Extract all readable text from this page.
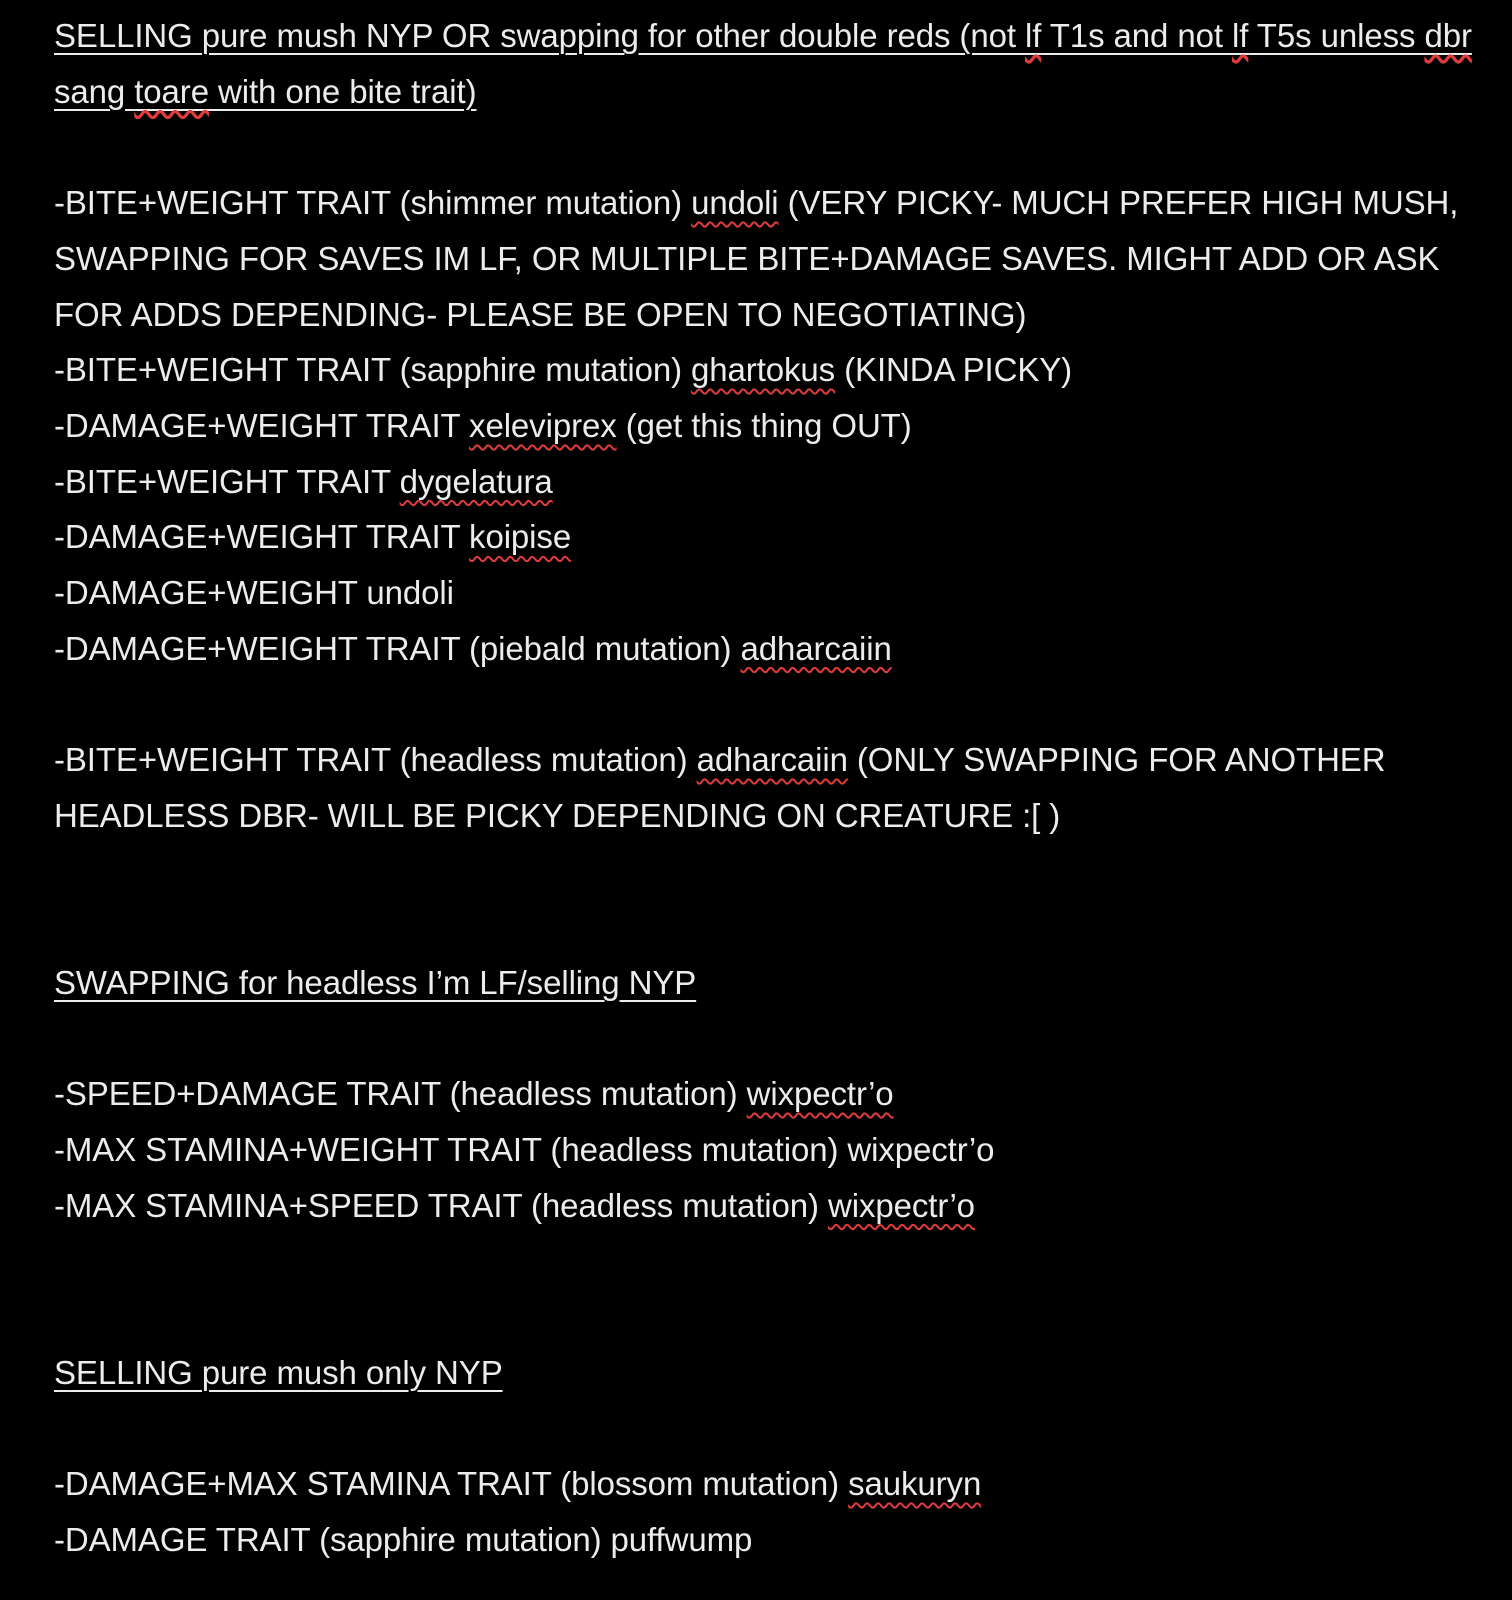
SELLING pure mush NYP OR swapping for other double reds (not lf T1s and not lf T5s unless dbr sang toare with one bite trait)
-BITE+WEIGHT TRAIT (shimmer mutation) undoli (VERY PICKY- MUCH PREFER HIGH MUSH, SWAPPING FOR SAVES IM LF, OR MULTIPLE BITE+DAMAGE SAVES. MIGHT ADD OR ASK FOR ADDS DEPENDING- PLEASE BE OPEN TO NEGOTIATING)
-BITE+WEIGHT TRAIT (sapphire mutation) ghartokus (KINDA PICKY)
-DAMAGE+WEIGHT TRAIT xeleviprex (get this thing OUT)
-BITE+WEIGHT TRAIT dygelatura
-DAMAGE+WEIGHT TRAIT koipise
-DAMAGE+WEIGHT undoli
-DAMAGE+WEIGHT TRAIT (piebald mutation) adharcaiin
-BITE+WEIGHT TRAIT (headless mutation) adharcaiin (ONLY SWAPPING FOR ANOTHER HEADLESS DBR- WILL BE PICKY DEPENDING ON CREATURE :[ )
SWAPPING for headless I’m LF/selling NYP
-SPEED+DAMAGE TRAIT (headless mutation) wixpectr’o
-MAX STAMINA+WEIGHT TRAIT (headless mutation) wixpectr’o
-MAX STAMINA+SPEED TRAIT (headless mutation) wixpectr’o
SELLING pure mush only NYP
-DAMAGE+MAX STAMINA TRAIT (blossom mutation) saukuryn
-DAMAGE TRAIT (sapphire mutation) puffwump
